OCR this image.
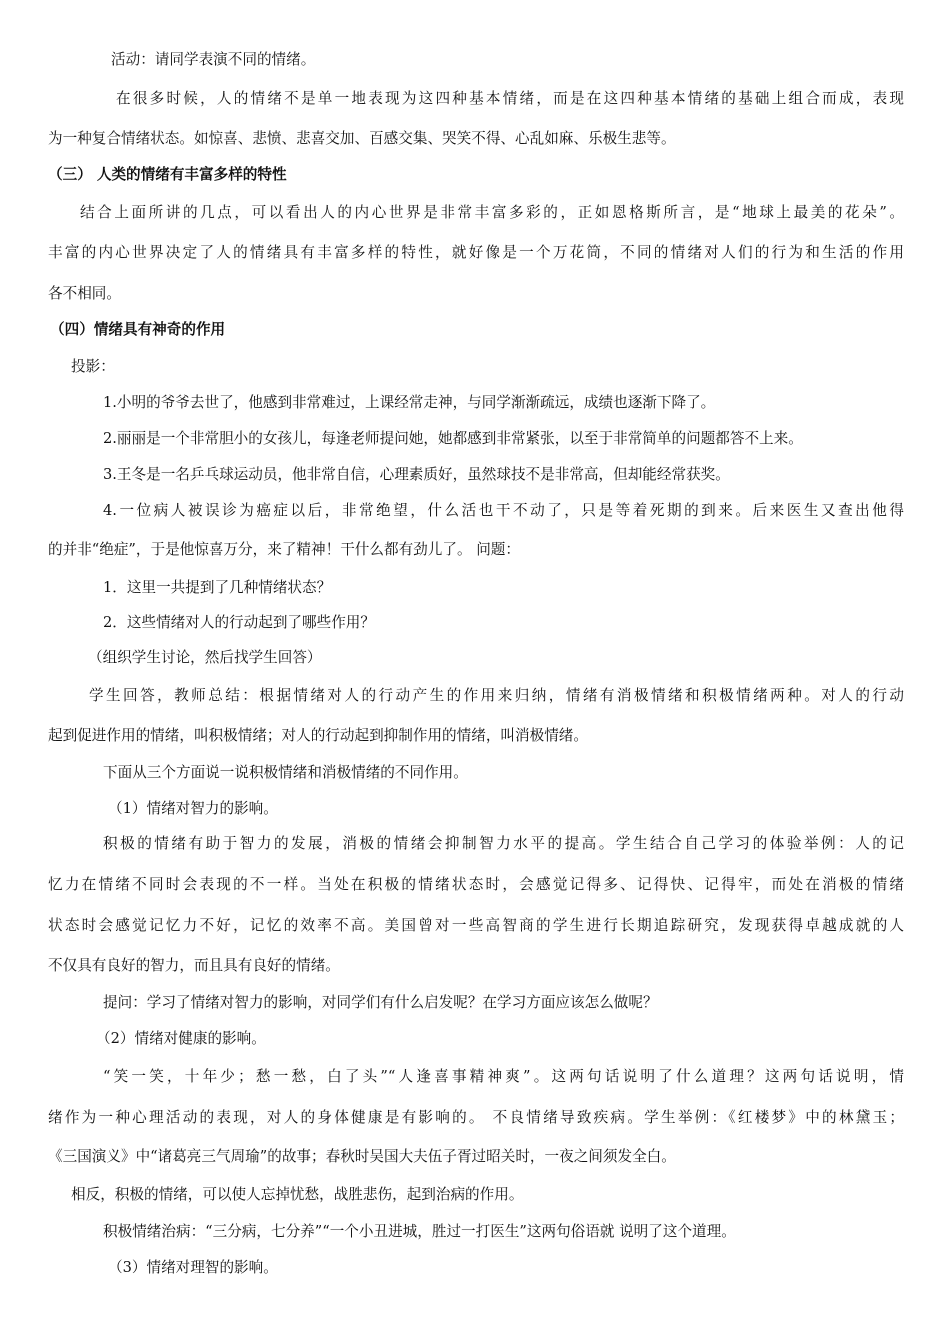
活动：请同学表演不同的情绪。
在很多时候，人的情绪不是单一地表现为这四种基本情绪，而是在这四种基本情绪的基础上组合而成，表现
为一种复合情绪状态。如惊喜、悲愤、悲喜交加、百感交集、哭笑不得、心乱如麻、乐极生悲等。
（三） 人类的情绪有丰富多样的特性
结合上面所讲的几点，可以看出人的内心世界是非常丰富多彩的，正如恩格斯所言，是“地球上最美的花朵”。
丰富的内心世界决定了人的情绪具有丰富多样的特性，就好像是一个万花筒，不同的情绪对人们的行为和生活的作用
各不相同。
（四）情绪具有神奇的作用
投影：
1.小明的爷爷去世了，他感到非常难过，上课经常走神，与同学渐渐疏远，成绩也逐渐下降了。
2.丽丽是一个非常胆小的女孩儿，每逢老师提问她，她都感到非常紧张，以至于非常简单的问题都答不上来。
3.王冬是一名乒乓球运动员，他非常自信，心理素质好，虽然球技不是非常高，但却能经常获奖。
4.一位病人被误诊为癌症以后，非常绝望，什么活也干不动了，只是等着死期的到来。后来医生又查出他得
的并非“绝症”，于是他惊喜万分，来了精神！干什么都有劲儿了。 问题：
1．这里一共提到了几种情绪状态？
2．这些情绪对人的行动起到了哪些作用？
（组织学生讨论，然后找学生回答）
学生回答，教师总结：根据情绪对人的行动产生的作用来归纳，情绪有消极情绪和积极情绪两种。对人的行动
起到促进作用的情绪，叫积极情绪；对人的行动起到抑制作用的情绪，叫消极情绪。
下面从三个方面说一说积极情绪和消极情绪的不同作用。
（1）情绪对智力的影响。
积极的情绪有助于智力的发展，消极的情绪会抑制智力水平的提高。学生结合自己学习的体验举例：人的记
忆力在情绪不同时会表现的不一样。当处在积极的情绪状态时，会感觉记得多、记得快、记得牢，而处在消极的情绪
状态时会感觉记忆力不好，记忆的效率不高。美国曾对一些高智商的学生进行长期追踪研究，发现获得卓越成就的人
不仅具有良好的智力，而且具有良好的情绪。
提问：学习了情绪对智力的影响，对同学们有什么启发呢？在学习方面应该怎么做呢？
（2）情绪对健康的影响。
“笑一笑，十年少；愁一愁，白了头”“人逢喜事精神爽”。这两句话说明了什么道理？这两句话说明，情
绪作为一种心理活动的表现，对人的身体健康是有影响的。 不良情绪导致疾病。学生举例：《红楼梦》中的林黛玉；
《三国演义》中“诸葛亮三气周瑜”的故事；春秋时吴国大夫伍子胥过昭关时，一夜之间须发全白。
相反，积极的情绪，可以使人忘掉忧愁，战胜悲伤，起到治病的作用。
积极情绪治病：“三分病，七分养”“一个小丑进城，胜过一打医生”这两句俗语就 说明了这个道理。
（3）情绪对理智的影响。
